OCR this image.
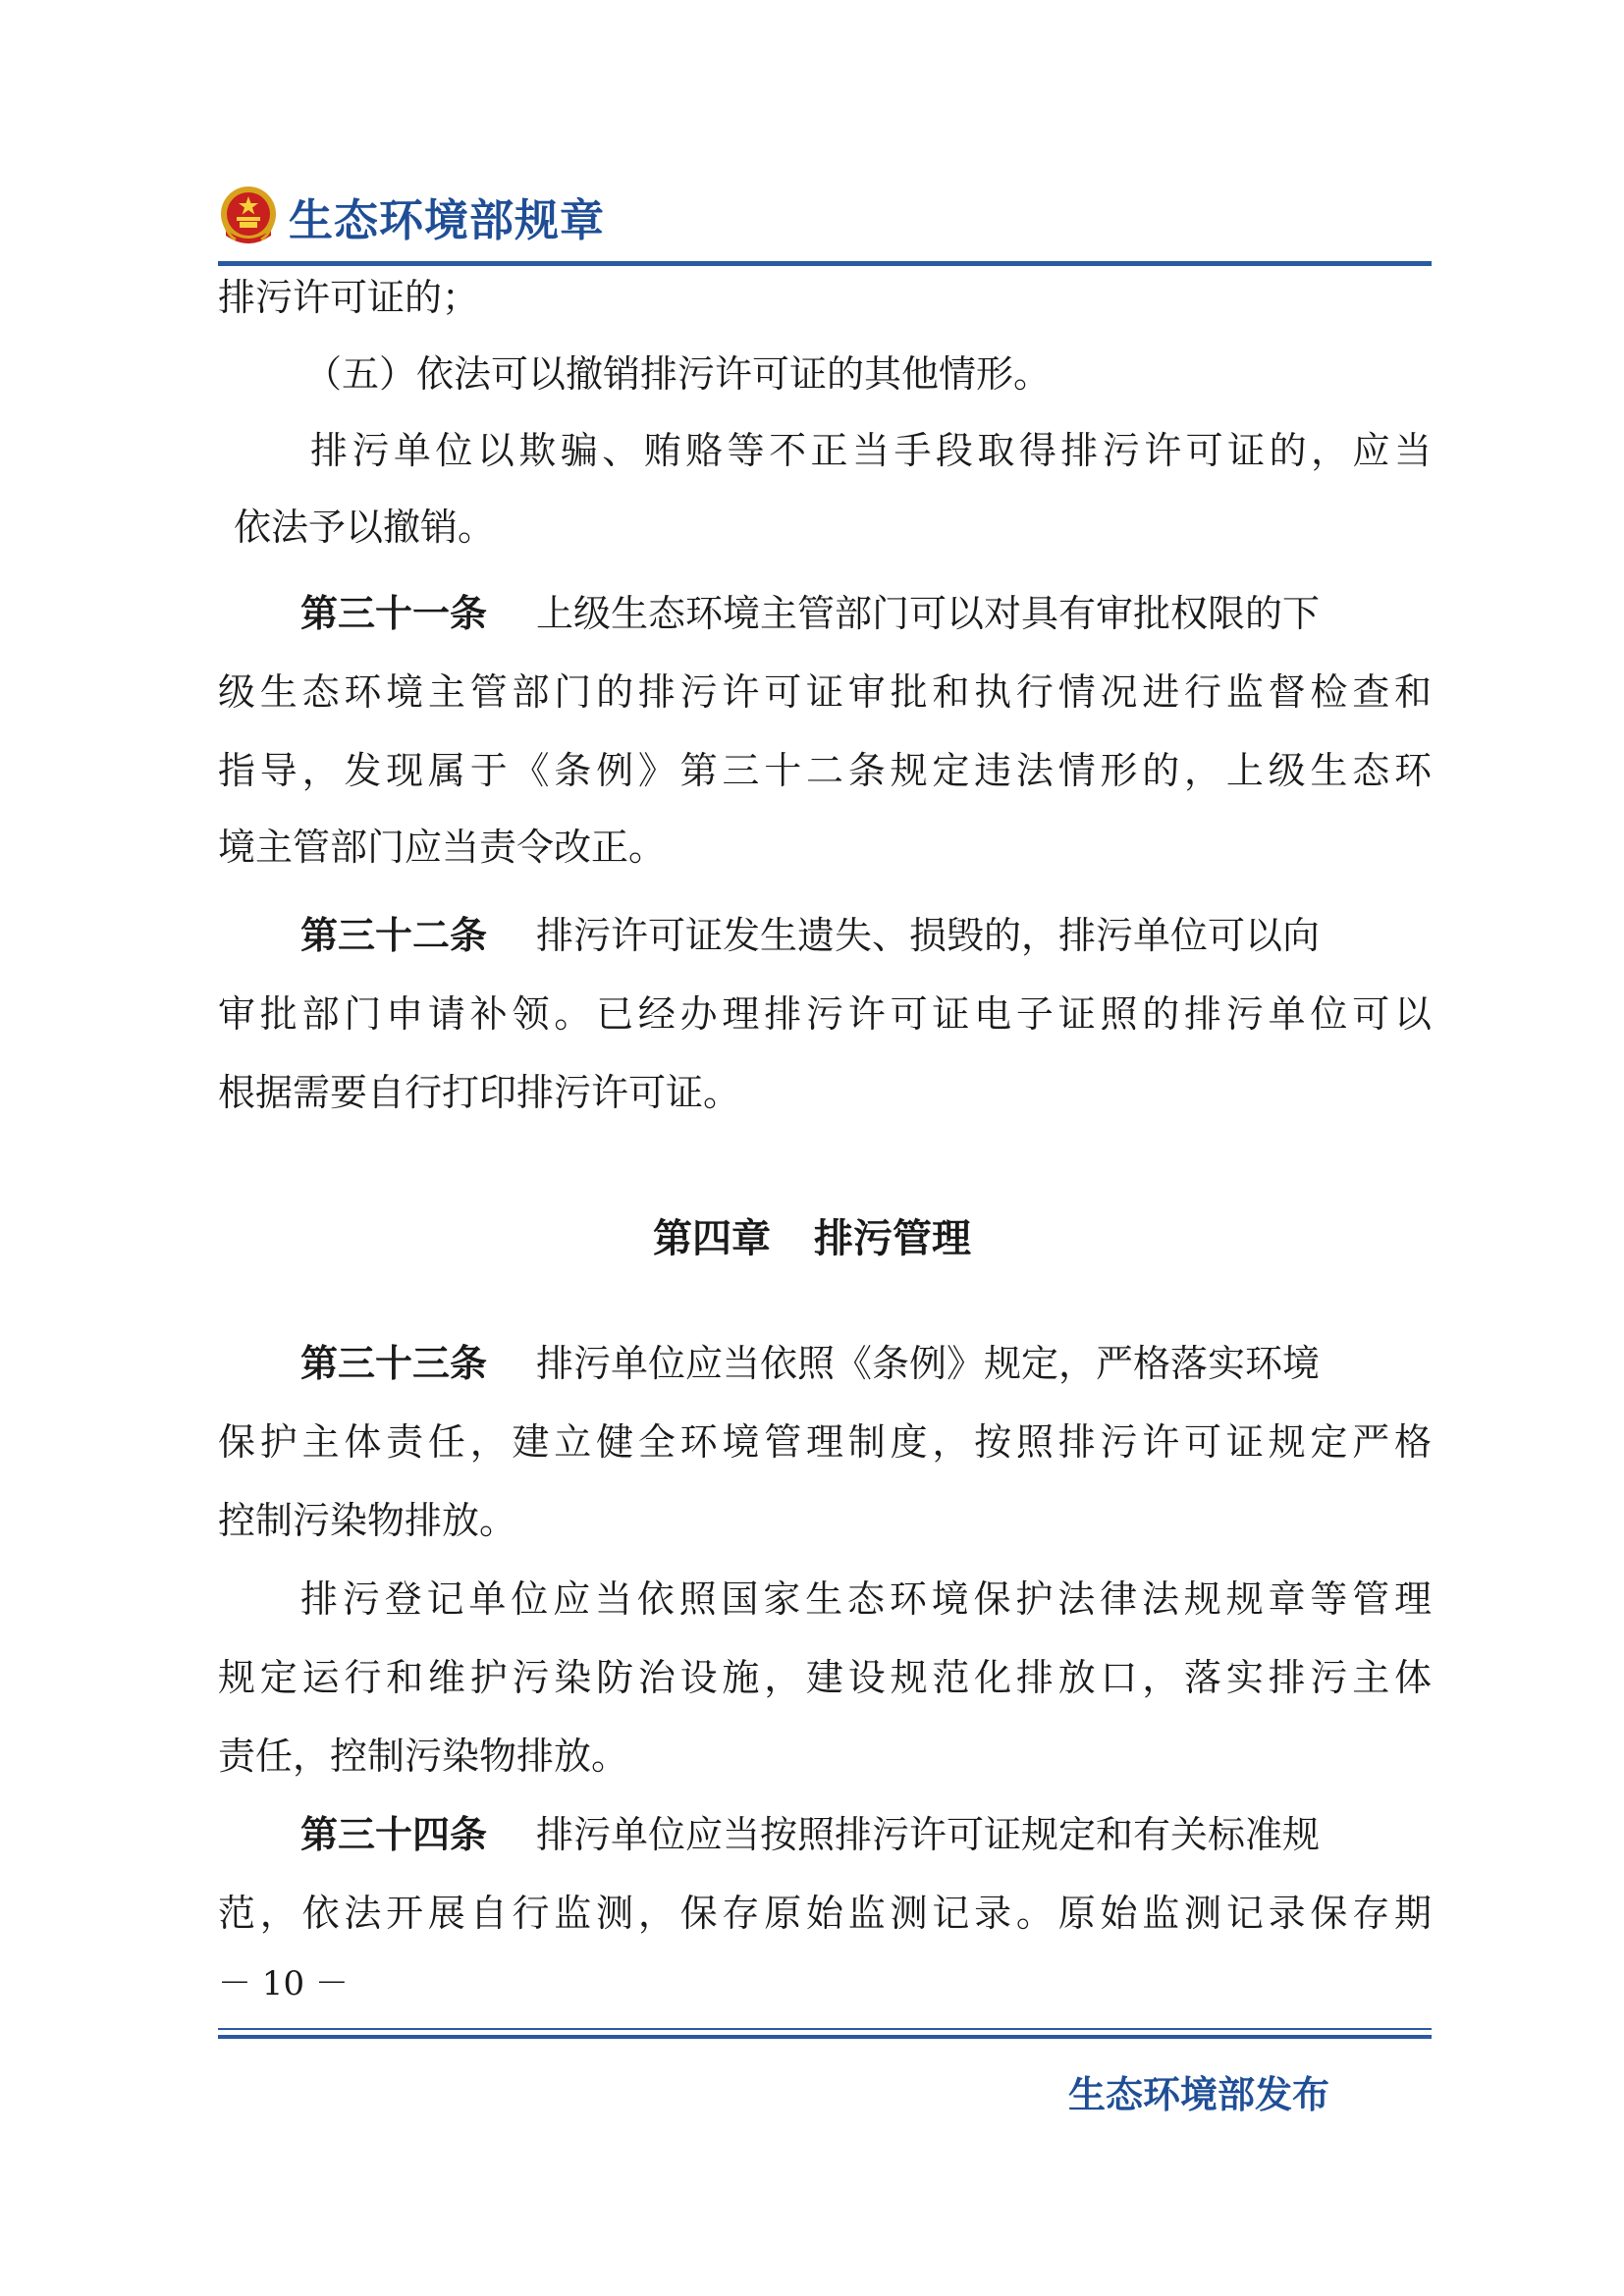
生态环境部规章
排污许可证的；
（五）依法可以撤销排污许可证的其他情形。
排污单位以欺骗、贿赂等不正当手段取得排污许可证的，应当
依法予以撤销。
第三十一条 上级生态环境主管部门可以对具有审批权限的下
级生态环境主管部门的排污许可证审批和执行情况进行监督检查和
指导，发现属于《条例》第三十二条规定违法情形的，上级生态环
境主管部门应当责令改正。
第三十二条 排污许可证发生遗失、损毁的，排污单位可以向
审批部门申请补领。已经办理排污许可证电子证照的排污单位可以
根据需要自行打印排污许可证。
第四章 排污管理
第三十三条 排污单位应当依照《条例》规定，严格落实环境
保护主体责任，建立健全环境管理制度，按照排污许可证规定严格
控制污染物排放。
排污登记单位应当依照国家生态环境保护法律法规规章等管理
规定运行和维护污染防治设施，建设规范化排放口，落实排污主体
责任，控制污染物排放。
第三十四条 排污单位应当按照排污许可证规定和有关标准规
范，依法开展自行监测，保存原始监测记录。原始监测记录保存期
－ 10 －
生态环境部发布
